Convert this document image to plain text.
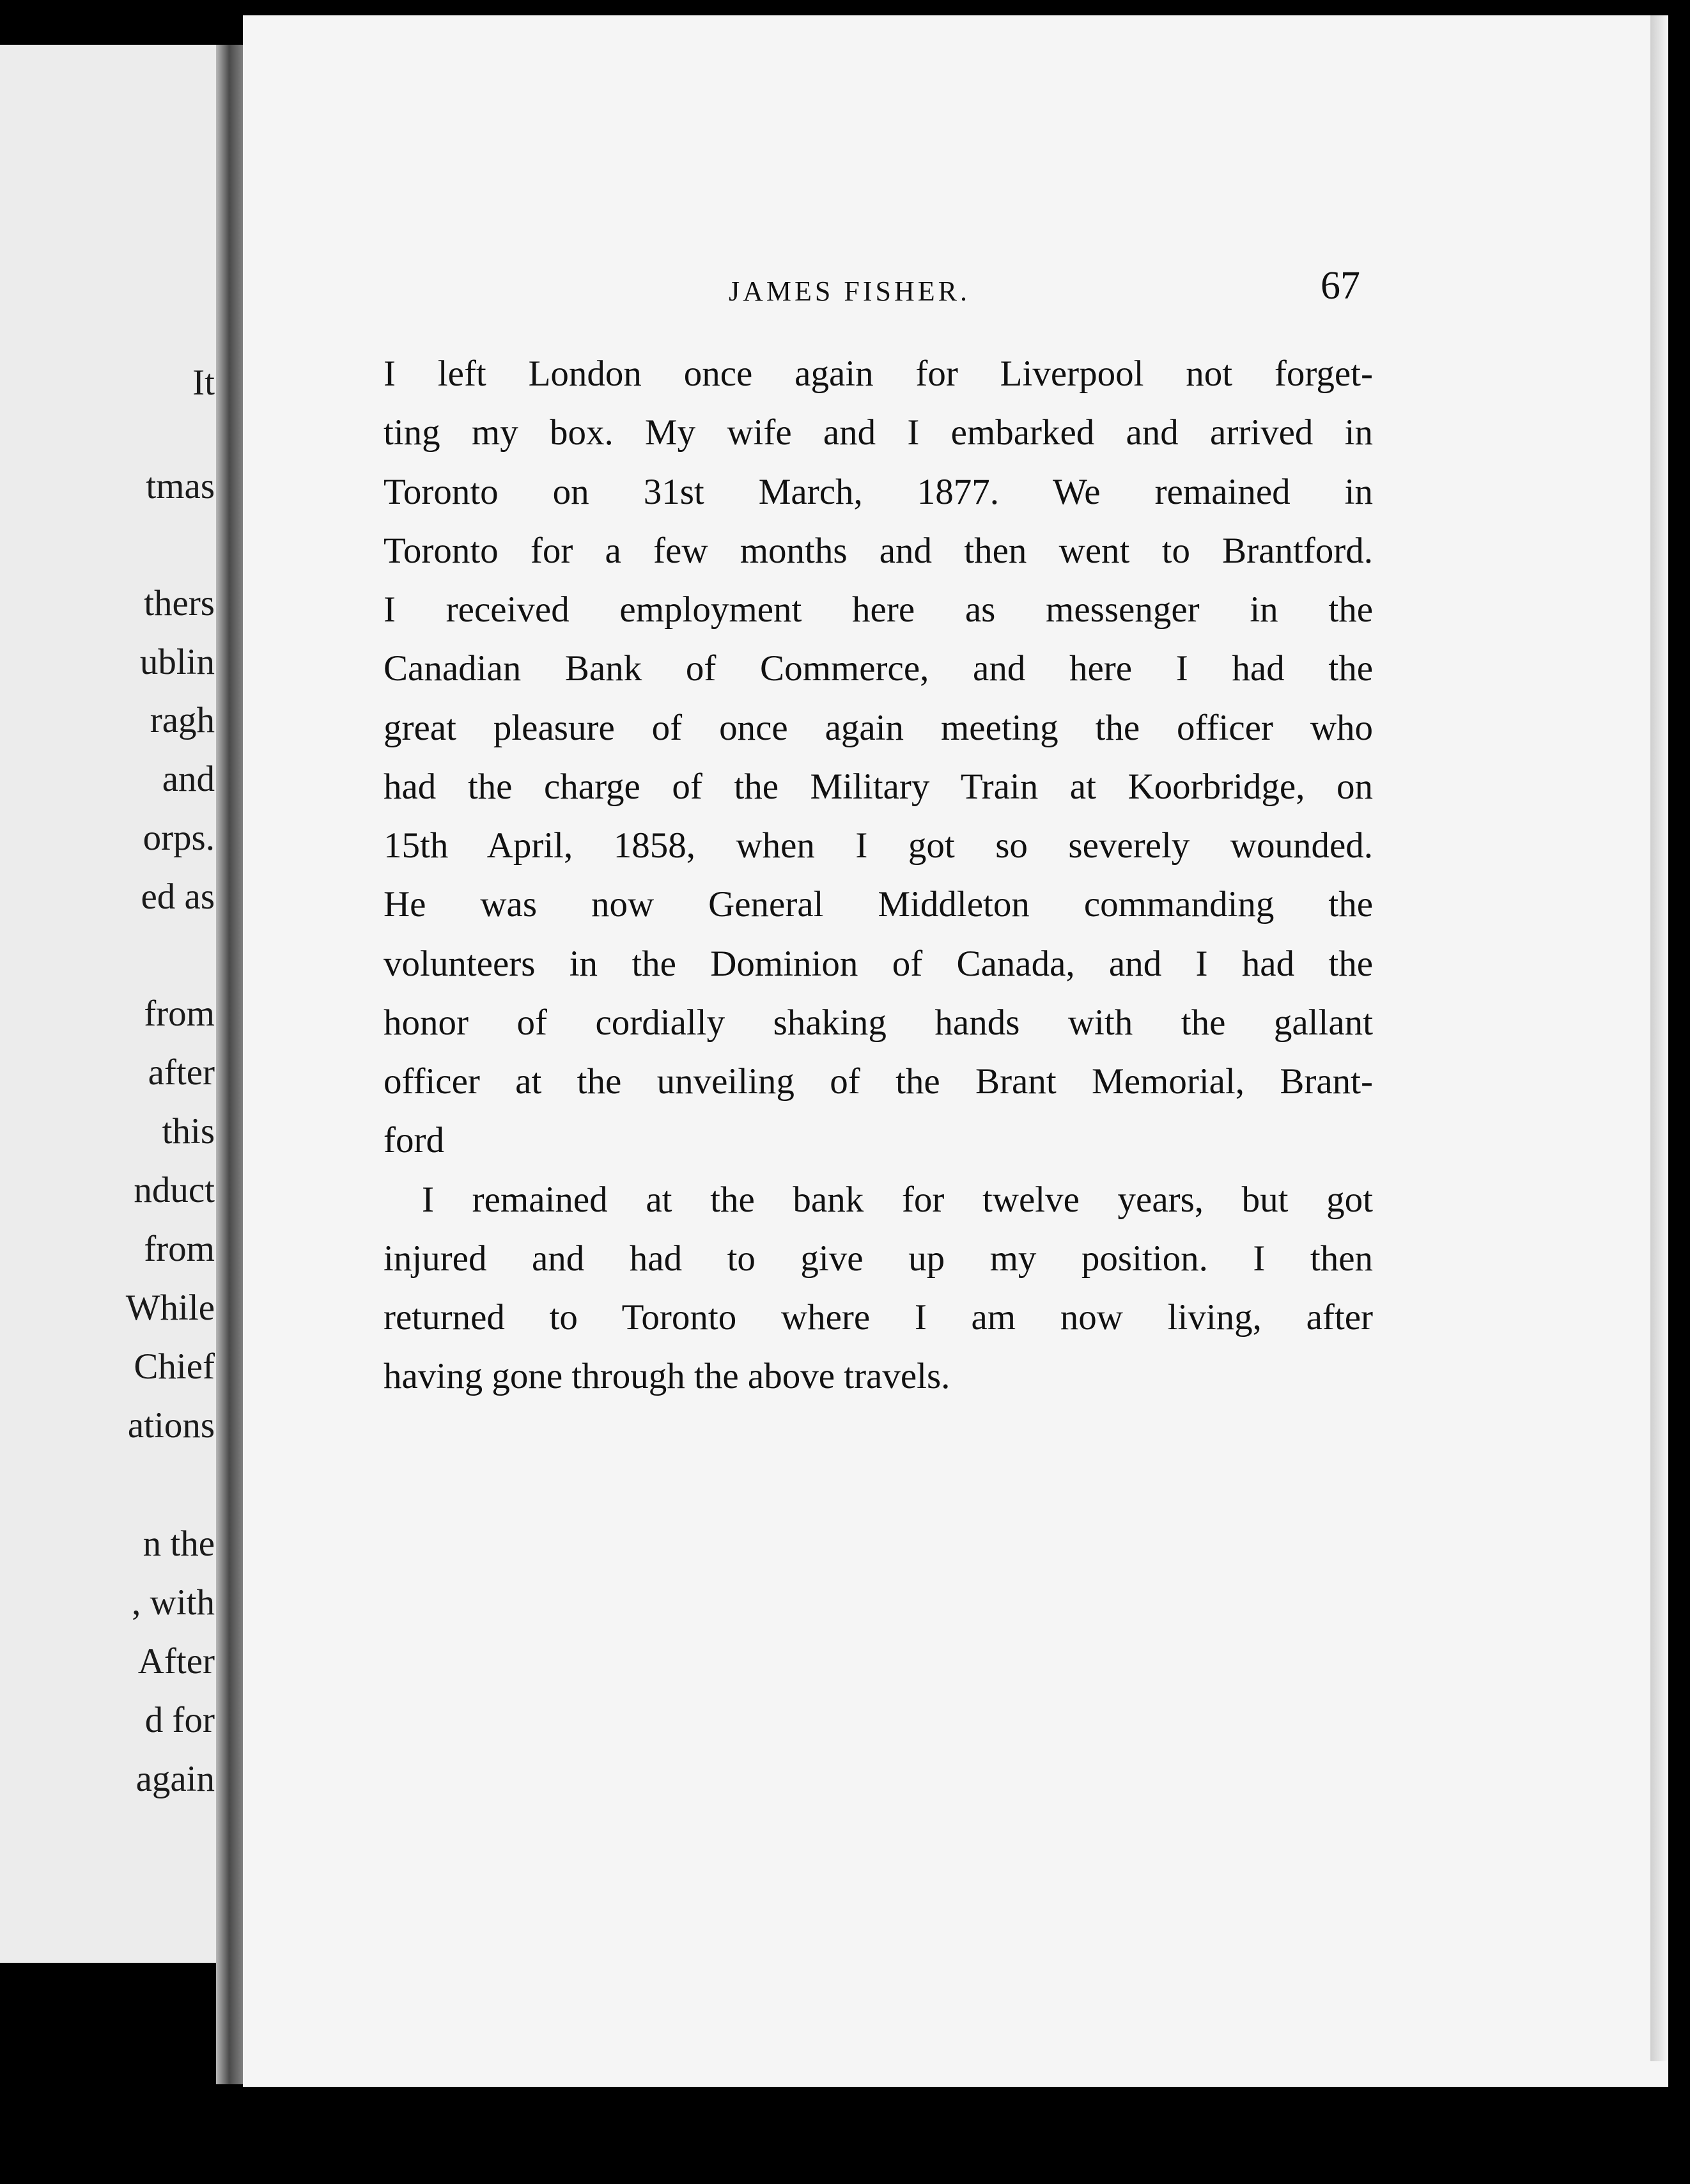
It
tmas
thers
ublin
ragh
and
orps.
ed as
from
after
this
nduct
from
While
Chief
ations
n the
, with
After
d for
again
JAMES FISHER.	67
I left London once again for Liverpool not forget-
ting my box. My wife and I embarked and arrived in
Toronto on 31st March, 1877. We remained in
Toronto for a few months and then went to Brantford.
I received employment here as messenger in the
Canadian Bank of Commerce, and here I had the
great pleasure of once again meeting the officer who
had the charge of the Military Train at Koorbridge, on
15th April, 1858, when I got so severely wounded.
He was now General Middleton commanding the
volunteers in the Dominion of Canada, and I had the
honor of cordially shaking hands with the gallant
officer at the unveiling of the Brant Memorial, Brant-
ford
I remained at the bank for twelve years, but got
injured and had to give up my position. I then
returned to Toronto where I am now living, after
having gone through the above travels.
